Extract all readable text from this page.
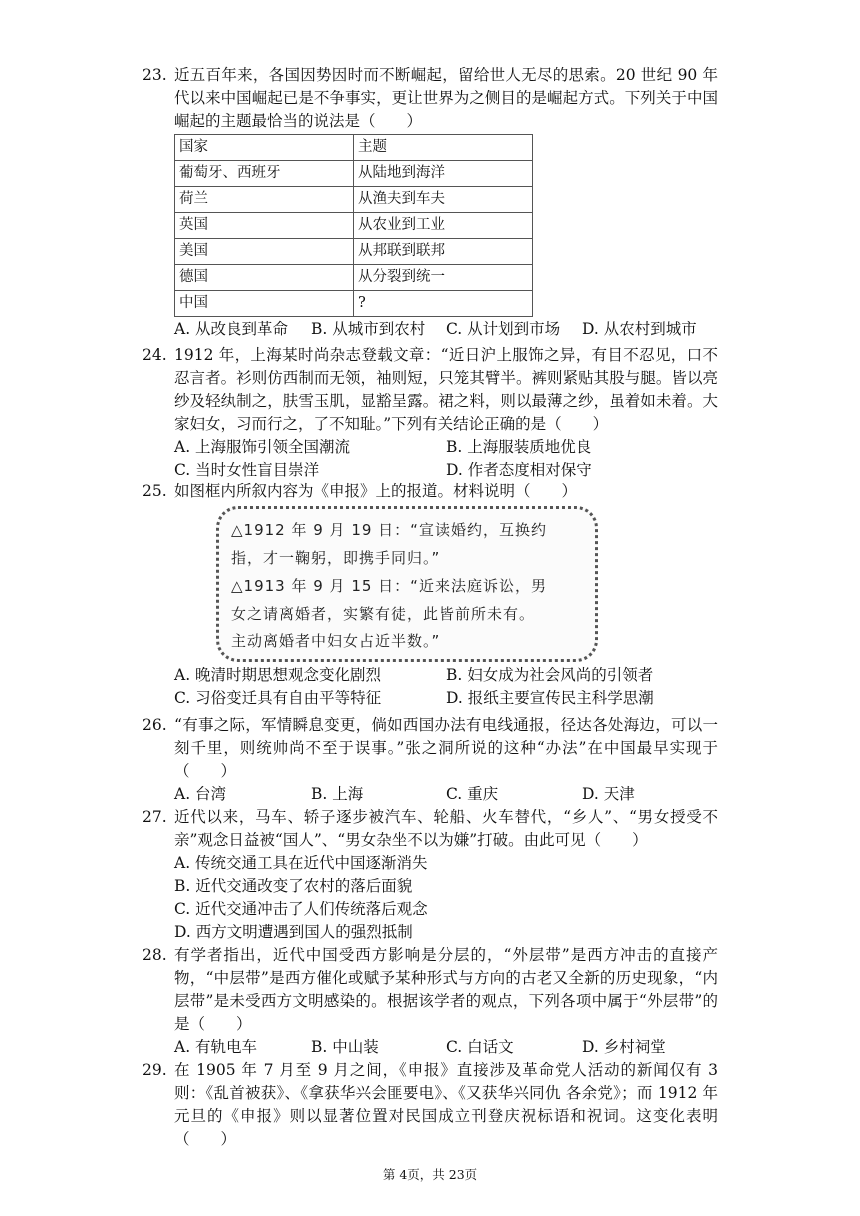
23. 近五百年来，各国因势因时而不断崛起，留给世人无尽的思索。20 世纪 90 年代以来中国崛起已是不争事实，更让世界为之侧目的是崛起方式。下列关于中国崛起的主题最恰当的说法是（　　）
国家	主题
葡萄牙、西班牙	从陆地到海洋
荷兰	从渔夫到车夫
英国	从农业到工业
美国	从邦联到联邦
德国	从分裂到统一
中国	?
A. 从改良到革命 B. 从城市到农村 C. 从计划到市场 D. 从农村到城市
24. 1912 年，上海某时尚杂志登载文章：“近日沪上服饰之异，有目不忍见，口不忍言者。衫则仿西制而无领，袖则短，只笼其臂半。裤则紧贴其股与腿。皆以亮纱及轻纨制之，肤雪玉肌，显豁呈露。裙之料，则以最薄之纱，虽着如未着。大家妇女，习而行之，了不知耻。”下列有关结论正确的是（　　）
A. 上海服饰引领全国潮流	B. 上海服装质地优良
C. 当时女性盲目崇洋	D. 作者态度相对保守
25. 如图框内所叙内容为《申报》上的报道。材料说明（　　）
△1912 年 9 月 19 日：“宣读婚约，互换约
指，才一鞠躬，即携手同归。”
△1913 年 9 月 15 日：“近来法庭诉讼，男
女之请离婚者，实繁有徒，此皆前所未有。
主动离婚者中妇女占近半数。”
A. 晚清时期思想观念变化剧烈	B. 妇女成为社会风尚的引领者
C. 习俗变迁具有自由平等特征	D. 报纸主要宣传民主科学思潮
26. “有事之际，军情瞬息变更，倘如西国办法有电线通报，径达各处海边，可以一刻千里，则统帅尚不至于误事。”张之洞所说的这种“办法”在中国最早实现于（　　）
A. 台湾	B. 上海	C. 重庆	D. 天津
27. 近代以来，马车、轿子逐步被汽车、轮船、火车替代，“乡人”、“男女授受不亲”观念日益被“国人”、“男女杂坐不以为嫌”打破。由此可见（　　）
A. 传统交通工具在近代中国逐渐消失
B. 近代交通改变了农村的落后面貌
C. 近代交通冲击了人们传统落后观念
D. 西方文明遭遇到国人的强烈抵制
28. 有学者指出，近代中国受西方影响是分层的，“外层带”是西方冲击的直接产物，“中层带”是西方催化或赋予某种形式与方向的古老又全新的历史现象，“内层带”是未受西方文明感染的。根据该学者的观点，下列各项中属于“外层带”的是（　　）
A. 有轨电车	B. 中山装	C. 白话文	D. 乡村祠堂
29. 在 1905 年 7 月至 9 月之间，《申报》直接涉及革命党人活动的新闻仅有 3 则：《乱首被获》、《拿获华兴会匪要电》、《又获华兴同仇 各余党》；而 1912 年元旦的《申报》则以显著位置对民国成立刊登庆祝标语和祝词。这变化表明（　　）
第 4页，共 23页
